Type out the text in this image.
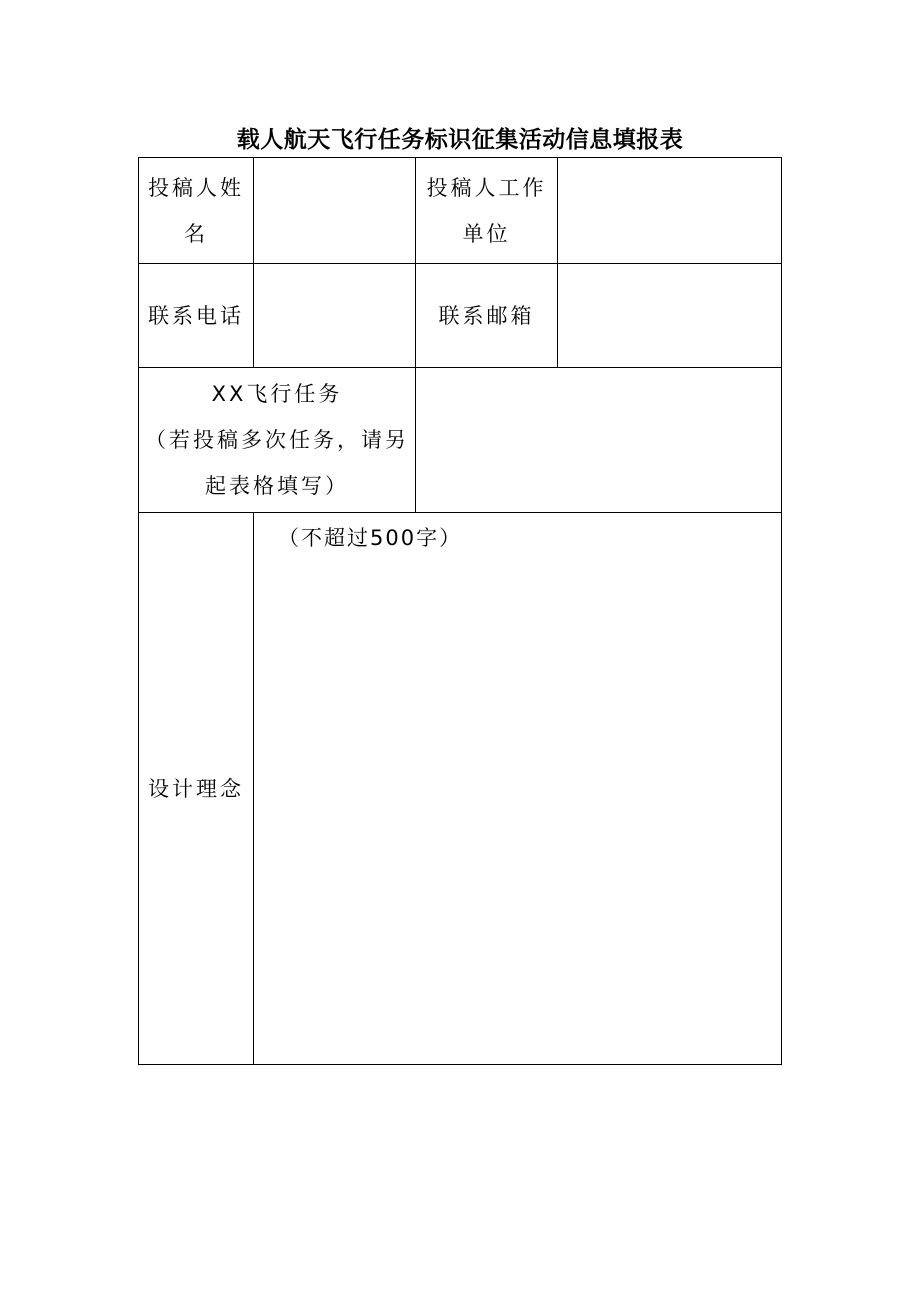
载人航天飞行任务标识征集活动信息填报表
投稿人姓名		投稿人工作单位	
联系电话		联系邮箱	
XX飞行任务
（若投稿多次任务，请另起表格填写）			
设计理念	（不超过500字）		
